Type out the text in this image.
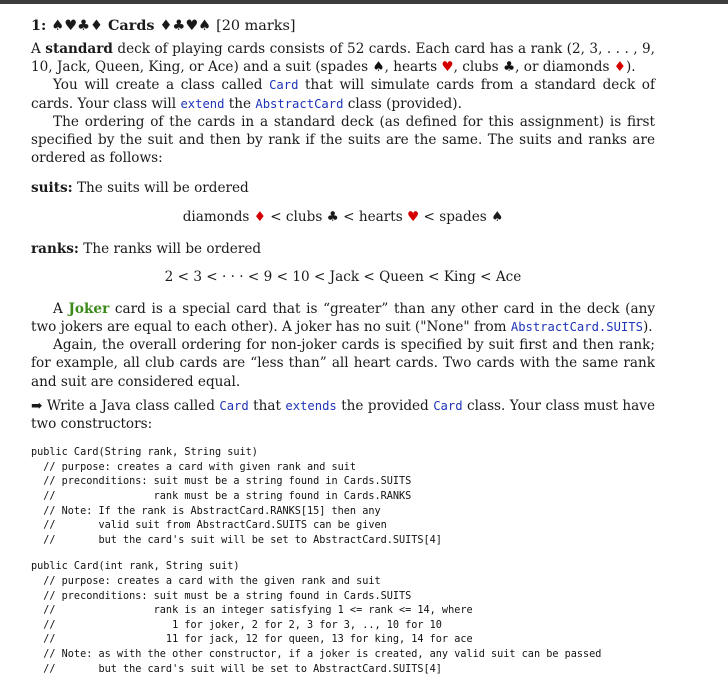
1: ♠♥♣♦ Cards ♦♣♥♠ [20 marks]

A standard deck of playing cards consists of 52 cards. Each card has a rank (2, 3, . . . , 9, 10, Jack, Queen, King, or Ace) and a suit (spades ♠, hearts ♥, clubs ♣, or diamonds ♦).

You will create a class called Card that will simulate cards from a standard deck of cards. Your class will extend the AbstractCard class (provided).

The ordering of the cards in a standard deck (as defined for this assignment) is first specified by the suit and then by rank if the suits are the same. The suits and ranks are ordered as follows:

suits: The suits will be ordered

diamonds ♦ < clubs ♣ < hearts ♥ < spades ♠

ranks: The ranks will be ordered

2 < 3 < · · · < 9 < 10 < Jack < Queen < King < Ace

A Joker card is a special card that is “greater” than any other card in the deck (any two jokers are equal to each other). A joker has no suit ("None" from AbstractCard.SUITS).

Again, the overall ordering for non-joker cards is specified by suit first and then rank; for example, all club cards are “less than” all heart cards. Two cards with the same rank and suit are considered equal.

➡ Write a Java class called Card that extends the provided Card class. Your class must have two constructors:

public Card(String rank, String suit)
// purpose: creates a card with given rank and suit
// preconditions: suit must be a string found in Cards.SUITS
//                rank must be a string found in Cards.RANKS
// Note: If the rank is AbstractCard.RANKS[15] then any
//       valid suit from AbstractCard.SUITS can be given
//       but the card's suit will be set to AbstractCard.SUITS[4]
public Card(int rank, String suit)
// purpose: creates a card with the given rank and suit
// preconditions: suit must be a string found in Cards.SUITS
//                rank is an integer satisfying 1 <= rank <= 14, where
//                   1 for joker, 2 for 2, 3 for 3, .., 10 for 10
//                  11 for jack, 12 for queen, 13 for king, 14 for ace
// Note: as with the other constructor, if a joker is created, any valid suit can be passed
//       but the card's suit will be set to AbstractCard.SUITS[4]
